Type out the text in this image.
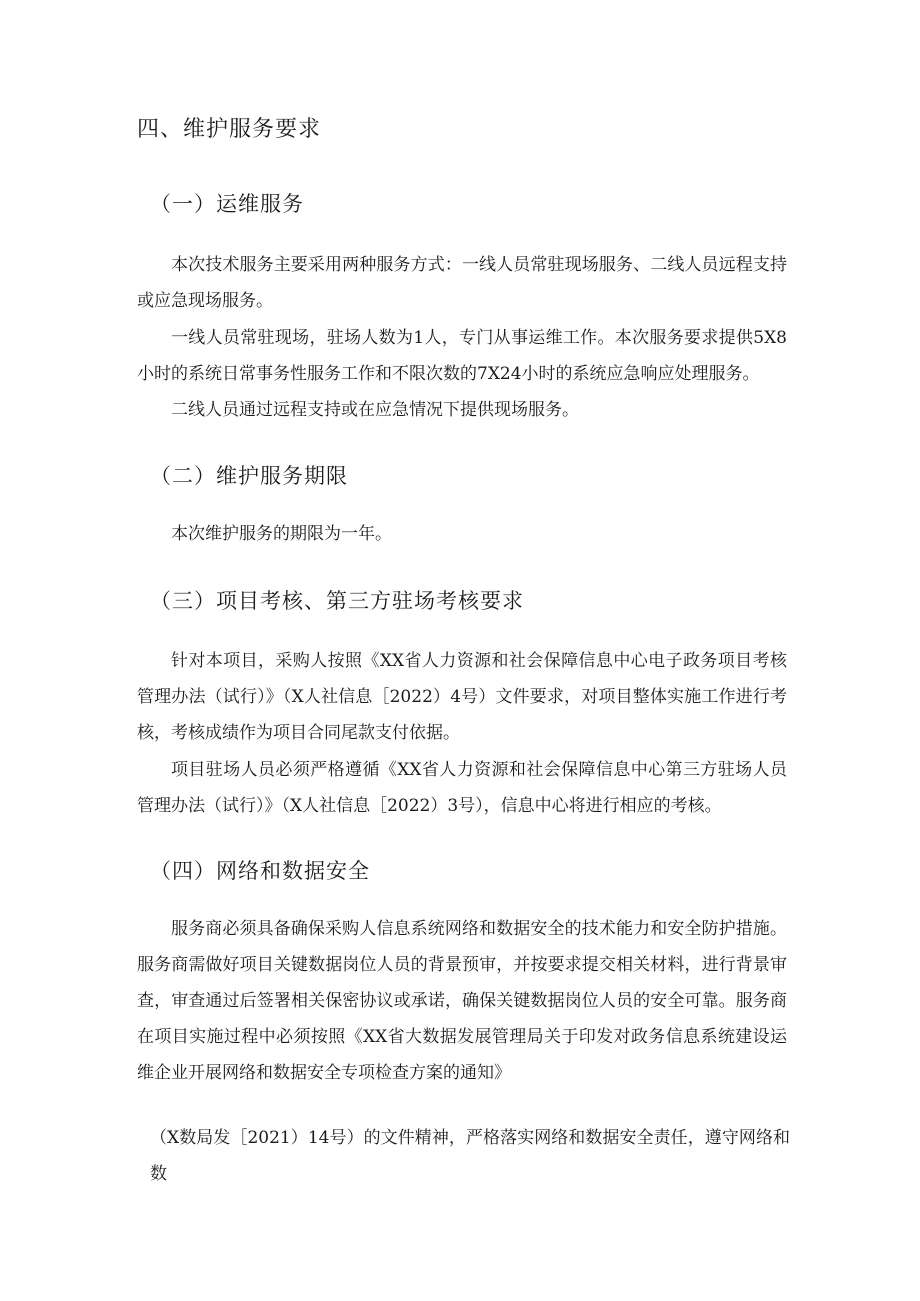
四、维护服务要求
（一）运维服务

本次技术服务主要采用两种服务方式：一线人员常驻现场服务、二线人员远程支持或应急现场服务。

一线人员常驻现场，驻场人数为1人，专门从事运维工作。本次服务要求提供5X8小时的系统日常事务性服务工作和不限次数的7X24小时的系统应急响应处理服务。

二线人员通过远程支持或在应急情况下提供现场服务。

（二）维护服务期限

本次维护服务的期限为一年。

（三）项目考核、第三方驻场考核要求

针对本项目，采购人按照《XX省人力资源和社会保障信息中心电子政务项目考核管理办法（试行）》（X人社信息［2022）4号）文件要求，对项目整体实施工作进行考核，考核成绩作为项目合同尾款支付依据。

项目驻场人员必须严格遵循《XX省人力资源和社会保障信息中心第三方驻场人员管理办法（试行）》（X人社信息［2022）3号），信息中心将进行相应的考核。

（四）网络和数据安全

服务商必须具备确保采购人信息系统网络和数据安全的技术能力和安全防护措施。服务商需做好项目关键数据岗位人员的背景预审，并按要求提交相关材料，进行背景审查，审查通过后签署相关保密协议或承诺，确保关键数据岗位人员的安全可靠。服务商在项目实施过程中必须按照《XX省大数据发展管理局关于印发对政务信息系统建设运维企业开展网络和数据安全专项检查方案的通知》

（X数局发［2021）14号）的文件精神，严格落实网络和数据安全责任，遵守网络和数
